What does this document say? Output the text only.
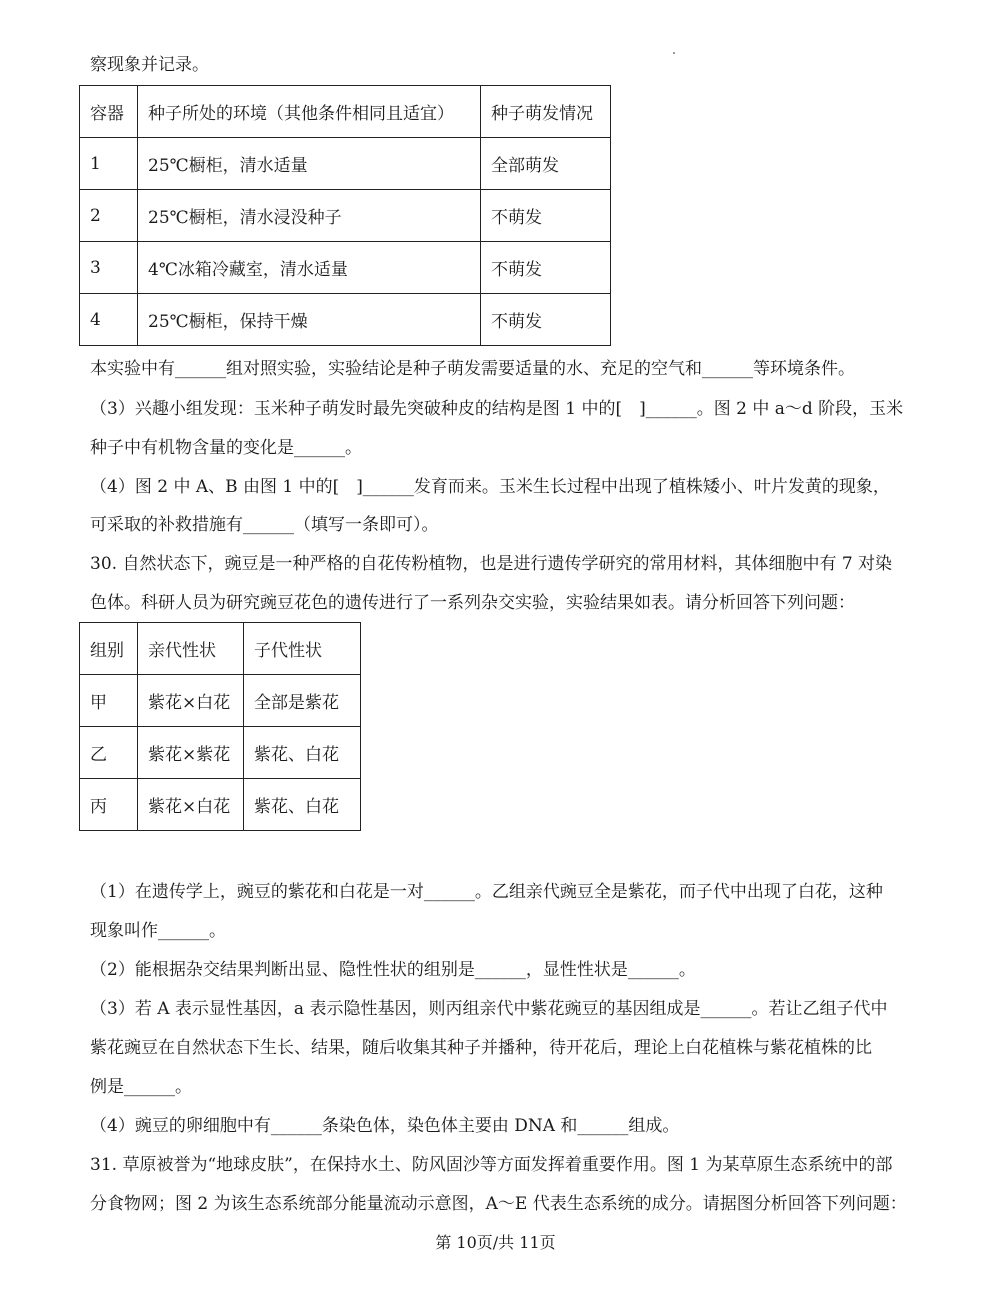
察现象并记录。
容器	种子所处的环境（其他条件相同且适宜）	种子萌发情况
1	25℃橱柜，清水适量	全部萌发
2	25℃橱柜，清水浸没种子	不萌发
3	4℃冰箱冷藏室，清水适量	不萌发
4	25℃橱柜，保持干燥	不萌发
本实验中有______组对照实验，实验结论是种子萌发需要适量的水、充足的空气和______等环境条件。
（3）兴趣小组发现：玉米种子萌发时最先突破种皮的结构是图 1 中的[　]______。图 2 中 a～d 阶段，玉米
种子中有机物含量的变化是______。
（4）图 2 中 A、B 由图 1 中的[　]______发育而来。玉米生长过程中出现了植株矮小、叶片发黄的现象，
可采取的补救措施有______（填写一条即可）。
30. 自然状态下，豌豆是一种严格的自花传粉植物，也是进行遗传学研究的常用材料，其体细胞中有 7 对染
色体。科研人员为研究豌豆花色的遗传进行了一系列杂交实验，实验结果如表。请分析回答下列问题：
组别	亲代性状	子代性状
甲	紫花×白花	全部是紫花
乙	紫花×紫花	紫花、白花
丙	紫花×白花	紫花、白花
（1）在遗传学上，豌豆的紫花和白花是一对______。乙组亲代豌豆全是紫花，而子代中出现了白花，这种
现象叫作______。
（2）能根据杂交结果判断出显、隐性性状的组别是______，显性性状是______。
（3）若 A 表示显性基因，a 表示隐性基因，则丙组亲代中紫花豌豆的基因组成是______。若让乙组子代中
紫花豌豆在自然状态下生长、结果，随后收集其种子并播种，待开花后，理论上白花植株与紫花植株的比
例是______。
（4）豌豆的卵细胞中有______条染色体，染色体主要由 DNA 和______组成。
31. 草原被誉为“地球皮肤”，在保持水土、防风固沙等方面发挥着重要作用。图 1 为某草原生态系统中的部
分食物网；图 2 为该生态系统部分能量流动示意图，A～E 代表生态系统的成分。请据图分析回答下列问题：
第 10页/共 11页
